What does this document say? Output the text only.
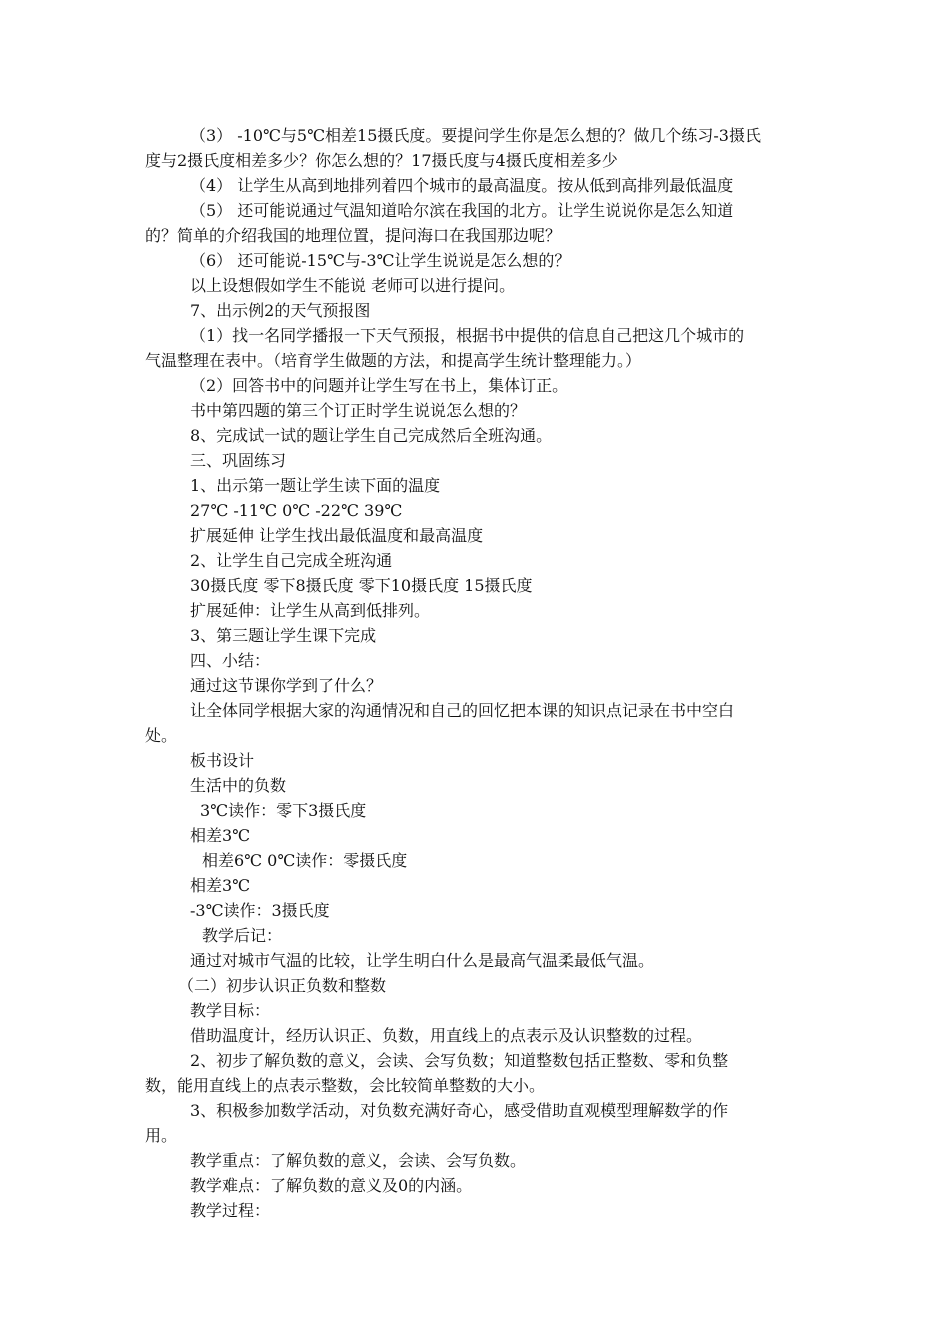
（3） -10℃与5℃相差15摄氏度。要提问学生你是怎么想的？做几个练习-3摄氏
度与2摄氏度相差多少？你怎么想的？17摄氏度与4摄氏度相差多少
（4） 让学生从高到地排列着四个城市的最高温度。按从低到高排列最低温度
（5） 还可能说通过气温知道哈尔滨在我国的北方。让学生说说你是怎么知道
的？简单的介绍我国的地理位置，提问海口在我国那边呢？
（6） 还可能说-15℃与-3℃让学生说说是怎么想的？
以上设想假如学生不能说 老师可以进行提问。
7、出示例2的天气预报图
（1）找一名同学播报一下天气预报，根据书中提供的信息自己把这几个城市的
气温整理在表中。（培育学生做题的方法，和提高学生统计整理能力。）
（2）回答书中的问题并让学生写在书上，集体订正。
书中第四题的第三个订正时学生说说怎么想的？
8、完成试一试的题让学生自己完成然后全班沟通。
三、巩固练习
1、出示第一题让学生读下面的温度
27℃ -11℃ 0℃ -22℃ 39℃
扩展延伸 让学生找出最低温度和最高温度
2、让学生自己完成全班沟通
30摄氏度 零下8摄氏度 零下10摄氏度 15摄氏度
扩展延伸：让学生从高到低排列。
3、第三题让学生课下完成
四、小结：
通过这节课你学到了什么？
让全体同学根据大家的沟通情况和自己的回忆把本课的知识点记录在书中空白
处。
板书设计
生活中的负数
3℃读作：零下3摄氏度
相差3℃
相差6℃ 0℃读作：零摄氏度
相差3℃
-3℃读作：3摄氏度
教学后记：
通过对城市气温的比较，让学生明白什么是最高气温柔最低气温。
（二）初步认识正负数和整数
教学目标：
借助温度计，经历认识正、负数，用直线上的点表示及认识整数的过程。
2、初步了解负数的意义，会读、会写负数；知道整数包括正整数、零和负整
数，能用直线上的点表示整数，会比较简单整数的大小。
3、积极参加数学活动，对负数充满好奇心，感受借助直观模型理解数学的作
用。
教学重点：了解负数的意义，会读、会写负数。
教学难点：了解负数的意义及0的内涵。
教学过程：
